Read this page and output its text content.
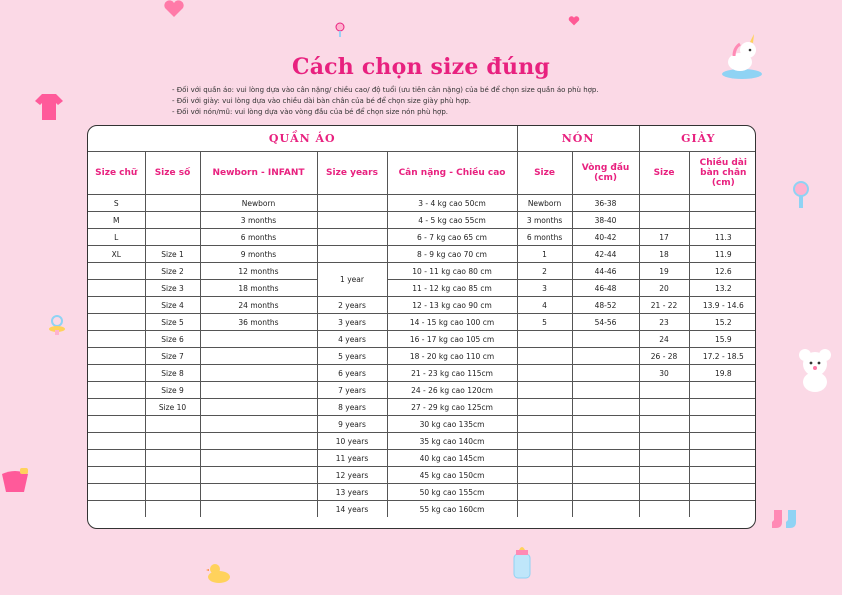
Cách chọn size đúng
- Đối với quần áo: vui lòng dựa vào cân nặng/ chiều cao/ độ tuổi (ưu tiên cân nặng) của bé để chọn size quần áo phù hợp.
- Đối với giày: vui lòng dựa vào chiều dài bàn chân của bé để chọn size giày phù hợp.
- Đối với nón/mũ: vui lòng dựa vào vòng đầu của bé để chọn size nón phù hợp.
QUẦN ÁO					NÓN		GIÀY	
Size chữ	Size số	Newborn - INFANT	Size years	Cân nặng - Chiều cao	Size	Vòng đầu (cm)	Size	Chiều dài bàn chân (cm)
S		Newborn		3 - 4 kg cao 50cm	Newborn	36-38		
M		3 months		4 - 5 kg cao 55cm	3 months	38-40		
L		6 months		6 - 7 kg cao 65 cm	6 months	40-42	17	11.3
XL	Size 1	9 months		8 - 9 kg cao 70 cm	1	42-44	18	11.9
	Size 2	12 months	1 year	10 - 11 kg cao 80 cm	2	44-46	19	12.6
	Size 3	18 months		11 - 12 kg cao 85 cm	3	46-48	20	13.2
	Size 4	24 months	2 years	12 - 13 kg cao 90 cm	4	48-52	21 - 22	13.9 - 14.6
	Size 5	36 months	3 years	14 - 15 kg cao 100 cm	5	54-56	23	15.2
	Size 6		4 years	16 - 17 kg cao 105 cm			24	15.9
	Size 7		5 years	18 - 20 kg cao 110 cm			26 - 28	17.2 - 18.5
	Size 8		6 years	21 - 23 kg cao 115cm			30	19.8
	Size 9		7 years	24 - 26 kg cao 120cm				
	Size 10		8 years	27 - 29 kg cao 125cm				
			9 years	30 kg cao 135cm				
			10 years	35 kg cao 140cm				
			11 years	40 kg cao 145cm				
			12 years	45 kg cao 150cm				
			13 years	50 kg cao 155cm				
			14 years	55 kg cao 160cm				
